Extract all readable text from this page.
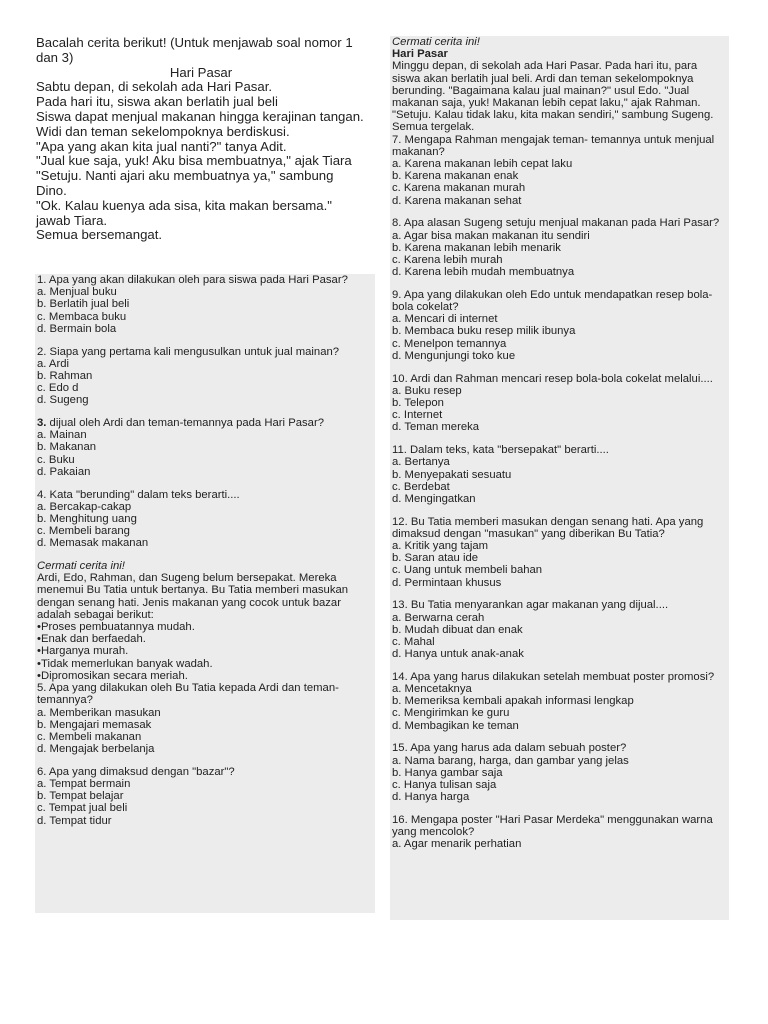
Bacalah cerita berikut! (Untuk menjawab soal nomor 1 dan 3)

Hari Pasar

Sabtu depan, di sekolah ada Hari Pasar.

Pada hari itu, siswa akan berlatih jual beli

Siswa dapat menjual makanan hingga kerajinan tangan.

Widi dan teman sekelompoknya berdiskusi.

"Apa yang akan kita jual nanti?" tanya Adit.

"Jual kue saja, yuk! Aku bisa membuatnya," ajak Tiara

"Setuju. Nanti ajari aku membuatnya ya," sambung Dino.

"Ok. Kalau kuenya ada sisa, kita makan bersama." jawab Tiara.

Semua bersemangat.

1. Apa yang akan dilakukan oleh para siswa pada Hari Pasar?

a. Menjual buku

b. Berlatih jual beli

c. Membaca buku

d. Bermain bola

2. Siapa yang pertama kali mengusulkan untuk jual mainan?

a. Ardi

b. Rahman

c. Edo d

d. Sugeng

3. dijual oleh Ardi dan teman-temannya pada Hari Pasar?

a. Mainan

b. Makanan

c. Buku

d. Pakaian

4. Kata "berunding" dalam teks berarti....

a. Bercakap-cakap

b. Menghitung uang

c. Membeli barang

d. Memasak makanan

Cermati cerita ini!

Ardi, Edo, Rahman, dan Sugeng belum bersepakat. Mereka menemui Bu Tatia untuk bertanya. Bu Tatia memberi masukan dengan senang hati. Jenis makanan yang cocok untuk bazar adalah sebagai berikut:

• Proses pembuatannya mudah.

• Enak dan berfaedah.

• Harganya murah.

• Tidak memerlukan banyak wadah.

• Dipromosikan secara meriah.

5. Apa yang dilakukan oleh Bu Tatia kepada Ardi dan teman-temannya?

a. Memberikan masukan

b. Mengajari memasak

c. Membeli makanan

d. Mengajak berbelanja

6. Apa yang dimaksud dengan "bazar"?

a. Tempat bermain

b. Tempat belajar

c. Tempat jual beli

d. Tempat tidur

Cermati cerita ini!

Hari Pasar

Minggu depan, di sekolah ada Hari Pasar. Pada hari itu, para siswa akan berlatih jual beli. Ardi dan teman sekelompoknya berunding. "Bagaimana kalau jual mainan?" usul Edo. "Jual makanan saja, yuk! Makanan lebih cepat laku," ajak Rahman. "Setuju. Kalau tidak laku, kita makan sendiri," sambung Sugeng. Semua tergelak.

7. Mengapa Rahman mengajak teman- temannya untuk menjual makanan?

a. Karena makanan lebih cepat laku

b. Karena makanan enak

c. Karena makanan murah

d. Karena makanan sehat

8. Apa alasan Sugeng setuju menjual makanan pada Hari Pasar?

a. Agar bisa makan makanan itu sendiri

b. Karena makanan lebih menarik

c. Karena lebih murah

d. Karena lebih mudah membuatnya

9. Apa yang dilakukan oleh Edo untuk mendapatkan resep bola-bola cokelat?

a. Mencari di internet

b. Membaca buku resep milik ibunya

c. Menelpon temannya

d. Mengunjungi toko kue

10. Ardi dan Rahman mencari resep bola-bola cokelat melalui....

a. Buku resep

b. Telepon

c. Internet

d. Teman mereka

11. Dalam teks, kata "bersepakat" berarti....

a. Bertanya

b. Menyepakati sesuatu

c. Berdebat

d. Mengingatkan

12. Bu Tatia memberi masukan dengan senang hati. Apa yang dimaksud dengan "masukan" yang diberikan Bu Tatia?

a. Kritik yang tajam

b. Saran atau ide

c. Uang untuk membeli bahan

d. Permintaan khusus

13. Bu Tatia menyarankan agar makanan yang dijual....

a. Berwarna cerah

b. Mudah dibuat dan enak

c. Mahal

d. Hanya untuk anak-anak

14. Apa yang harus dilakukan setelah membuat poster promosi?

a. Mencetaknya

b. Memeriksa kembali apakah informasi lengkap

c. Mengirimkan ke guru

d. Membagikan ke teman

15. Apa yang harus ada dalam sebuah poster?

a. Nama barang, harga, dan gambar yang jelas

b. Hanya gambar saja

c. Hanya tulisan saja

d. Hanya harga

16. Mengapa poster "Hari Pasar Merdeka" menggunakan warna yang mencolok?

a. Agar menarik perhatian
